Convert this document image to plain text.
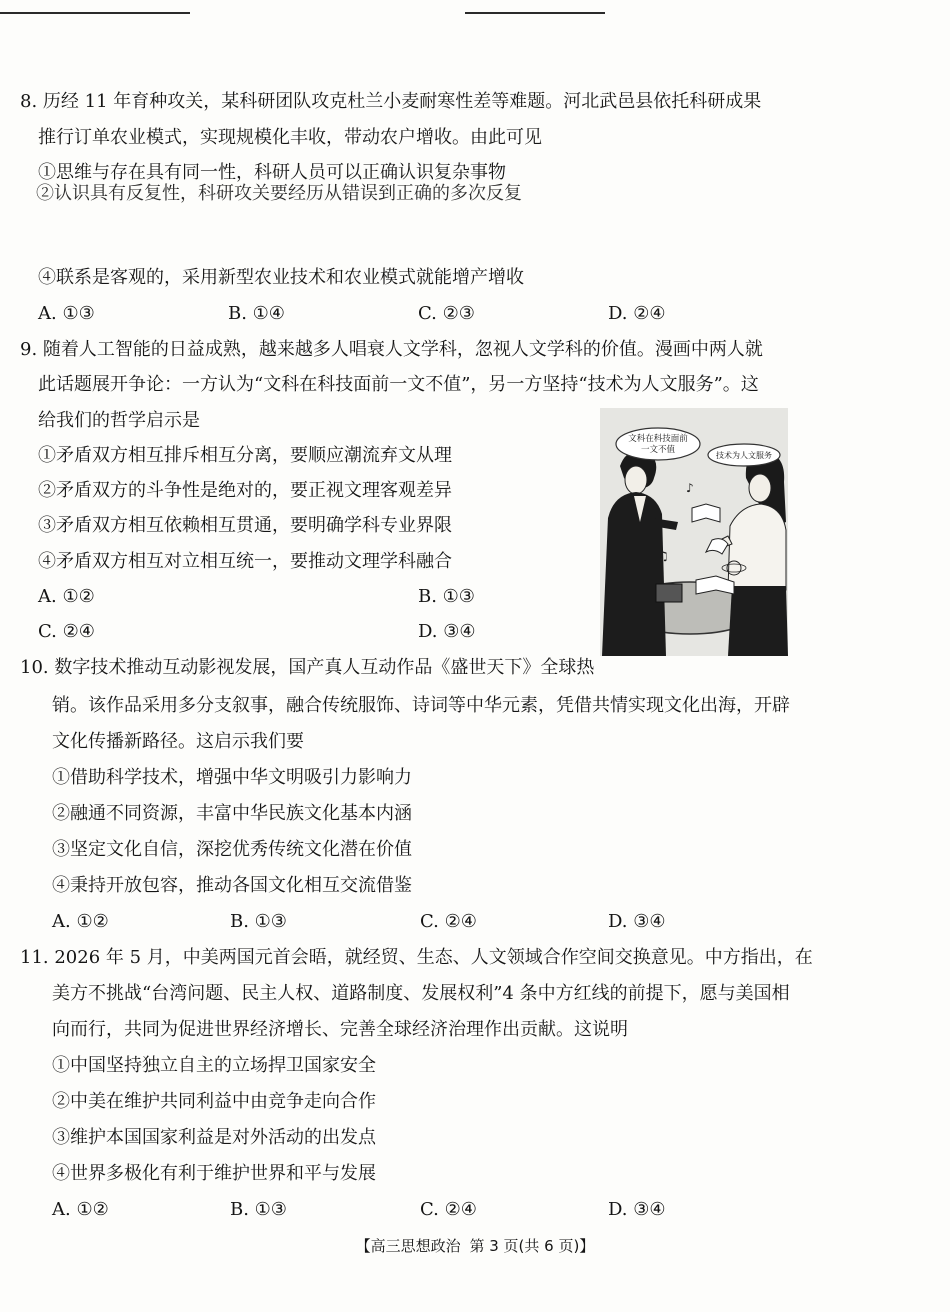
8. 历经 11 年育种攻关，某科研团队攻克杜兰小麦耐寒性差等难题。河北武邑县依托科研成果
推行订单农业模式，实现规模化丰收，带动农户增收。由此可见
①思维与存在具有同一性，科研人员可以正确认识复杂事物
②认识具有反复性，科研攻关要经历从错误到正确的多次反复
④联系是客观的，采用新型农业技术和农业模式就能增产增收
A. ①③	B. ①④	C. ②③	D. ②④
9. 随着人工智能的日益成熟，越来越多人唱衰人文学科，忽视人文学科的价值。漫画中两人就
此话题展开争论：一方认为“文科在科技面前一文不值”，另一方坚持“技术为人文服务”。这
给我们的哲学启示是
①矛盾双方相互排斥相互分离，要顺应潮流弃文从理
②矛盾双方的斗争性是绝对的，要正视文理客观差异
③矛盾双方相互依赖相互贯通，要明确学科专业界限
④矛盾双方相互对立相互统一，要推动文理学科融合
A. ①②	B. ①③
C. ②④	D. ③④
文科在科技面前
一文不值
技术为人文服务
♪
♫
10. 数字技术推动互动影视发展，国产真人互动作品《盛世天下》全球热
销。该作品采用多分支叙事，融合传统服饰、诗词等中华元素，凭借共情实现文化出海，开辟
文化传播新路径。这启示我们要
①借助科学技术，增强中华文明吸引力影响力
②融通不同资源，丰富中华民族文化基本内涵
③坚定文化自信，深挖优秀传统文化潜在价值
④秉持开放包容，推动各国文化相互交流借鉴
A. ①②	B. ①③	C. ②④	D. ③④
11. 2026 年 5 月，中美两国元首会晤，就经贸、生态、人文领域合作空间交换意见。中方指出，在
美方不挑战“台湾问题、民主人权、道路制度、发展权利”4 条中方红线的前提下，愿与美国相
向而行，共同为促进世界经济增长、完善全球经济治理作出贡献。这说明
①中国坚持独立自主的立场捍卫国家安全
②中美在维护共同利益中由竞争走向合作
③维护本国国家利益是对外活动的出发点
④世界多极化有利于维护世界和平与发展
A. ①②	B. ①③	C. ②④	D. ③④
【高三思想政治 第 3 页(共 6 页)】
